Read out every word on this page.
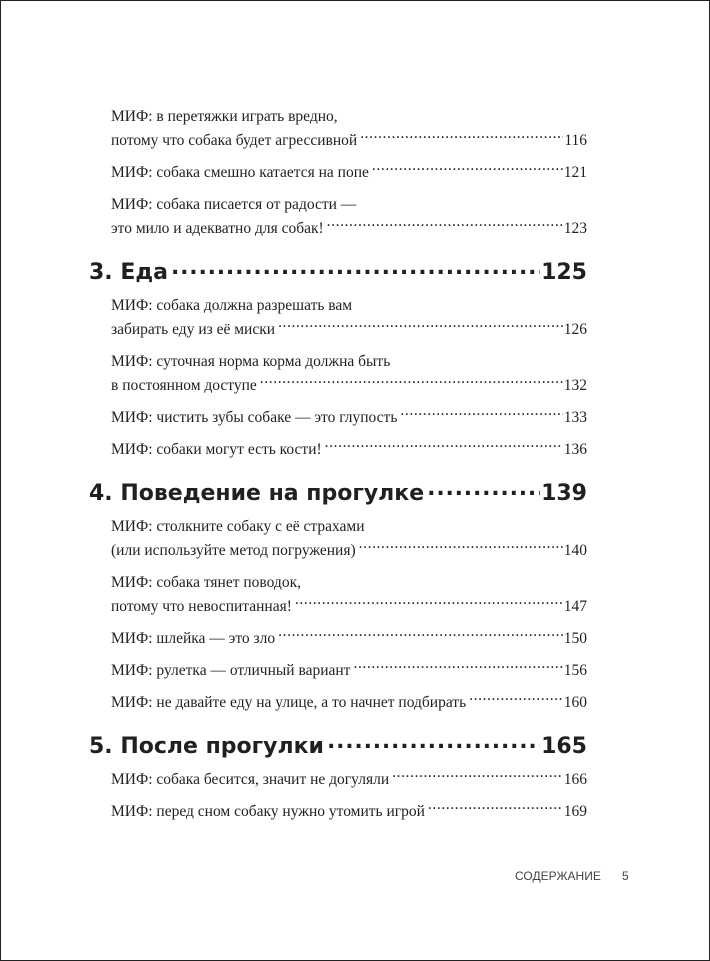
МИФ: в перетяжки играть вредно,
потому что собака будет агрессивной .....	116
МИФ: собака смешно катается на попе .....	121
МИФ: собака писается от радости —
это мило и адекватно для собак! .....	123
3. Еда .....	125
МИФ: собака должна разрешать вам
забирать еду из её миски .....	126
МИФ: суточная норма корма должна быть
в постоянном доступе .....	132
МИФ: чистить зубы собаке — это глупость .....	133
МИФ: собаки могут есть кости! .....	136
4. Поведение на прогулке .....	139
МИФ: столкните собаку с её страхами
(или используйте метод погружения) .....	140
МИФ: собака тянет поводок,
потому что невоспитанная! .....	147
МИФ: шлейка — это зло .....	150
МИФ: рулетка — отличный вариант .....	156
МИФ: не давайте еду на улице, а то начнет подбирать .....	160
5. После прогулки .....	165
МИФ: собака бесится, значит не догуляли .....	166
МИФ: перед сном собаку нужно утомить игрой .....	169
СОДЕРЖАНИЕ 5
